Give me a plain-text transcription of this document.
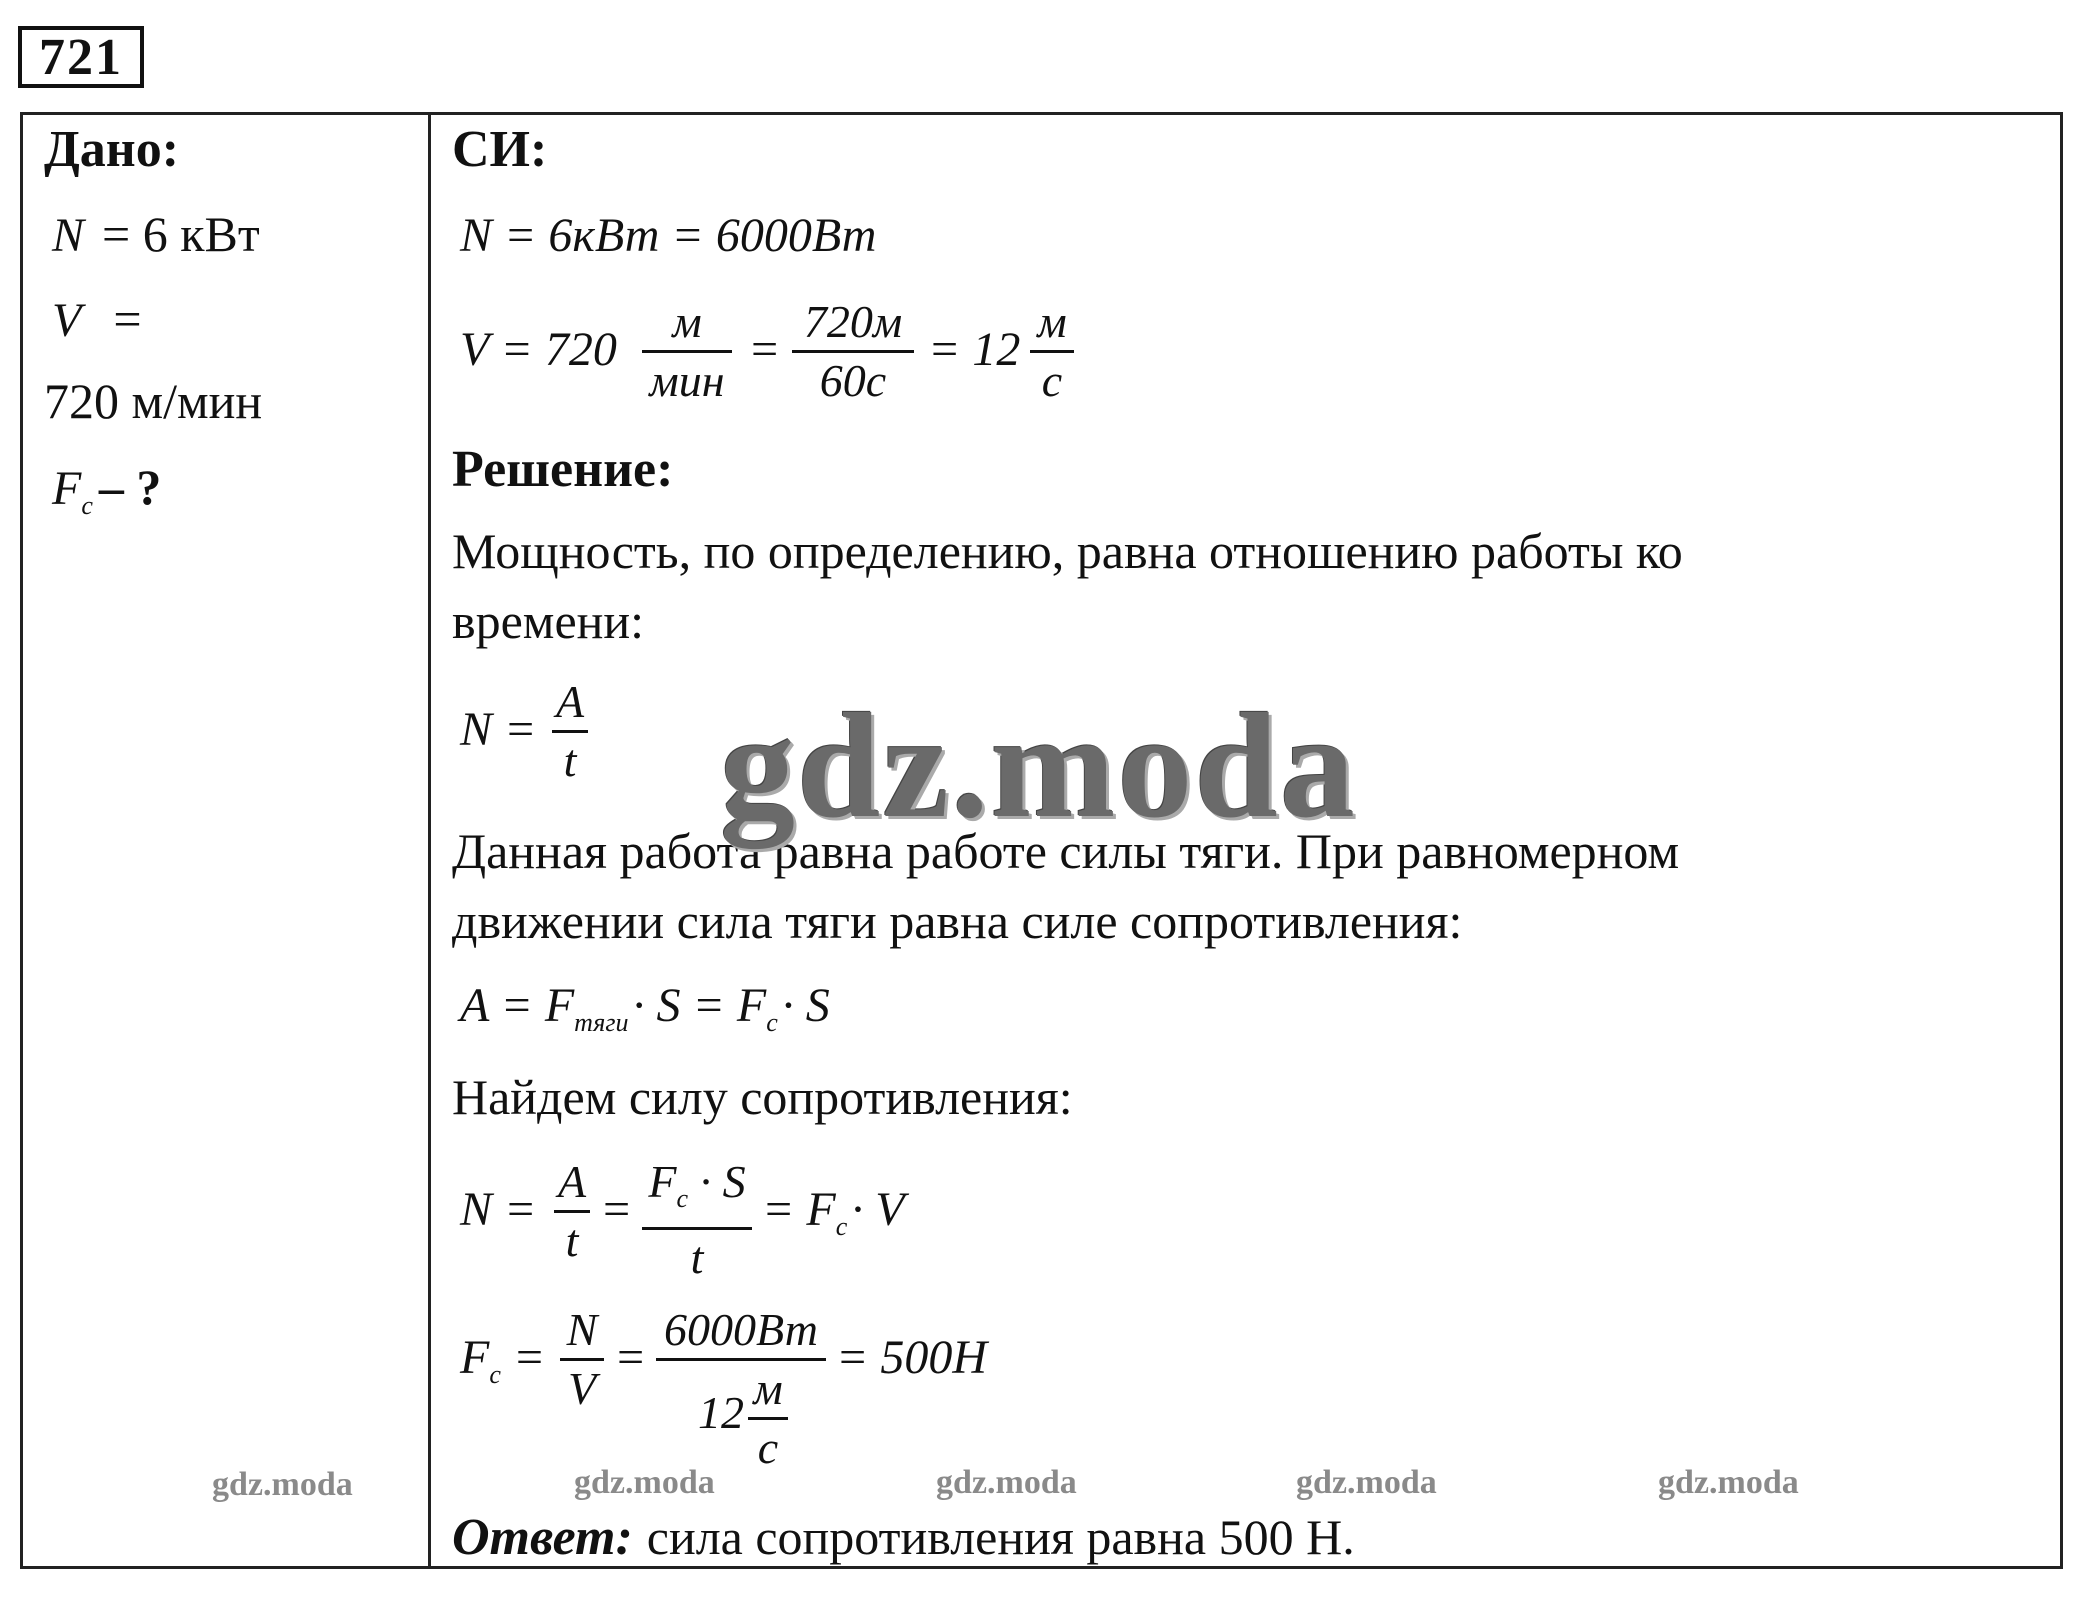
721
Дано:
N = 6 кВт
V =
720 м/мин
Fc – ?
СИ:
N = 6кВт = 6000Вт
V = 720
м
мин
=
720м
60с
= 12
м
с
Решение:
Мощность, по определению, равна отношению работы ко
времени:
N =
A
t
Данная работа равна работе силы тяги. При равномерном
движении сила тяги равна силе сопротивления:
A = Fтяги · S = Fc · S
Найдем силу сопротивления:
N =
A
t
=
$F_c \cdot S$
t
= Fc · V
Fc =
N
V
=
6000Вт
12 м
с
= 500Н
Ответ: сила сопротивления равна 500 Н.
gdz.moda
gdz.moda	gdz.moda	gdz.moda	gdz.moda	gdz.moda
